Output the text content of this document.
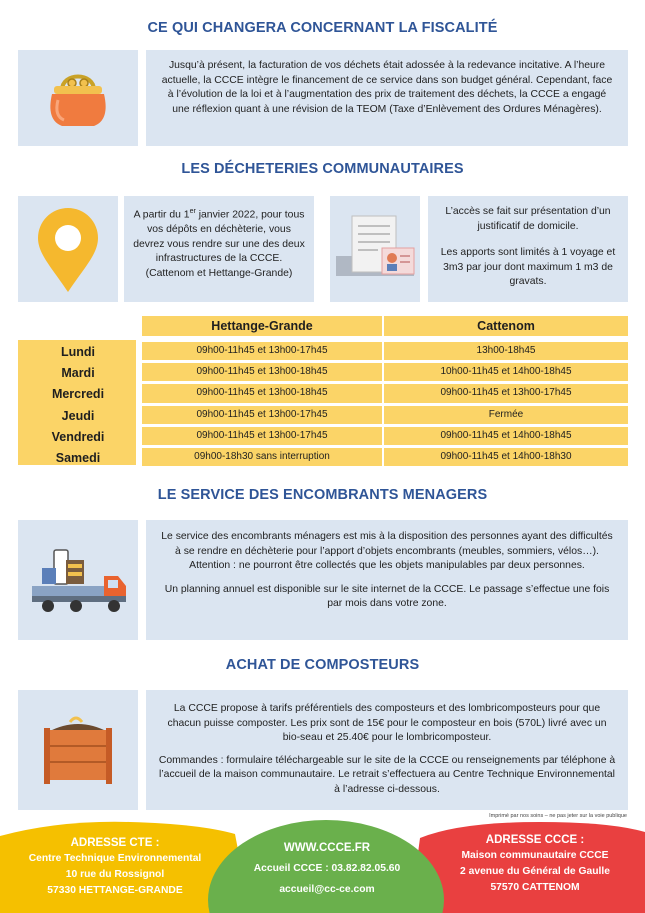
CE QUI CHANGERA CONCERNANT LA FISCALITÉ

Jusqu’à présent, la facturation de vos déchets était adossée à la redevance incitative. A l’heure actuelle, la CCCE intègre le financement de ce service dans son budget général. Cependant, face à l’évolution de la loi et à l’augmentation des prix de traitement des déchets, la CCCE a engagé une réflexion quant à une révision de la TEOM (Taxe d’Enlèvement des Ordures Ménagères).

LES DÉCHETERIES COMMUNAUTAIRES

A partir du 1er janvier 2022, pour tous vos dépôts en déchèterie, vous devrez vous rendre sur une des deux infrastructures de la CCCE.

(Cattenom et Hettange-Grande)

L’accès se fait sur présentation d’un justificatif de domicile.

Les apports sont limités à 1 voyage et 3m3 par jour dont maximum 1 m3 de gravats.

Hettange-Grande	Cattenom
Lundi	09h00-11h45 et 13h00-17h45	13h00-18h45
Mardi	09h00-11h45 et 13h00-18h45	10h00-11h45 et 14h00-18h45
Mercredi	09h00-11h45 et 13h00-18h45	09h00-11h45 et 13h00-17h45
Jeudi	09h00-11h45 et 13h00-17h45	Fermée
Vendredi	09h00-11h45 et 13h00-17h45	09h00-11h45 et 14h00-18h45
Samedi	09h00-18h30 sans interruption	09h00-11h45 et 14h00-18h30
LE SERVICE DES ENCOMBRANTS MENAGERS

Le service des encombrants ménagers est mis à la disposition des personnes ayant des difficultés à se rendre en déchèterie pour l’apport d’objets encombrants (meubles, sommiers, vélos…). Attention : ne pourront être collectés que les objets manipulables par deux personnes.

Un planning annuel est disponible sur le site internet de la CCCE. Le passage s’effectue une fois par mois dans votre zone.

ACHAT DE COMPOSTEURS

La CCCE propose à tarifs préférentiels des composteurs et des lombricomposteurs pour que chacun puisse composter. Les prix sont de 15€ pour le composteur en bois (570L) livré avec un bio-seau et 25.40€ pour le lombricomposteur.

Commandes : formulaire téléchargeable sur le site de la CCCE ou renseignements par téléphone à l’accueil de la maison communautaire. Le retrait s’effectuera au Centre Technique Environnemental à l’adresse ci-dessous.

Imprimé par nos soins – ne pas jeter sur la voie publique
ADRESSE CTE :
Centre Technique Environnemental
10 rue du Rossignol
57330 HETTANGE-GRANDE
WWW.CCCE.FR
Accueil CCCE : 03.82.82.05.60
accueil@cc-ce.com
ADRESSE CCCE :
Maison communautaire CCCE
2 avenue du Général de Gaulle
57570 CATTENOM
